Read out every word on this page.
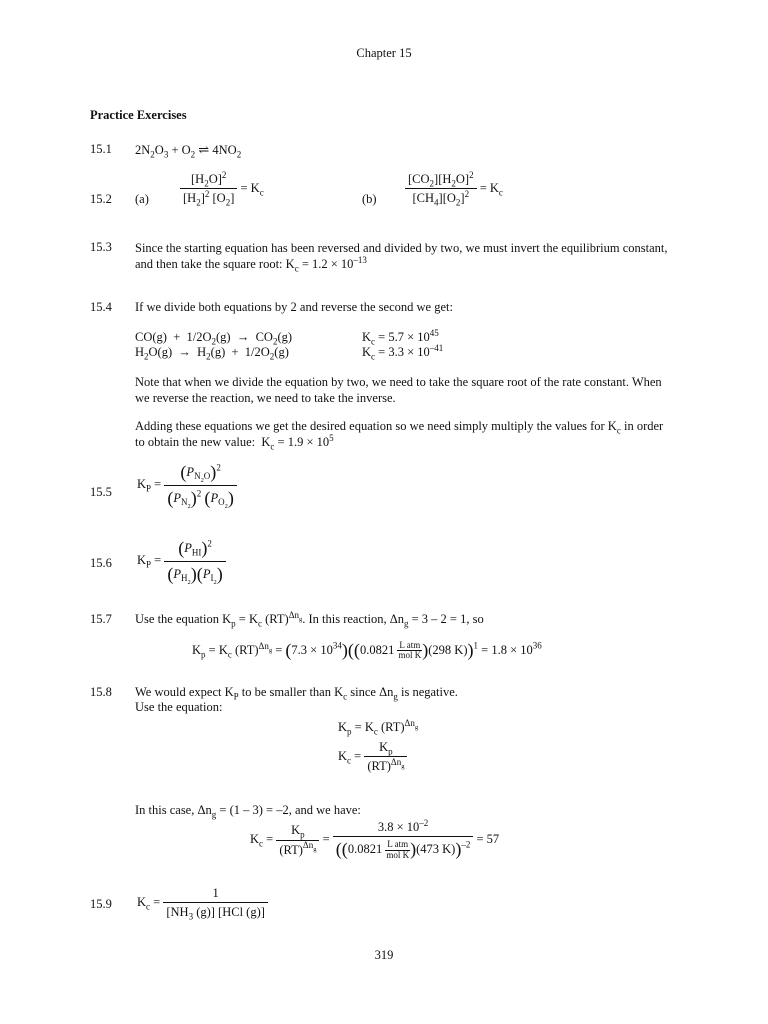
Chapter 15
Practice Exercises
15.1 $2N_2O_3 + O_2$ ⇌ $4NO_2$
15.2 $(a) \frac{[H_2O]^2}{[H_2]^2 [O_2]} = K_c$	$(b) \frac{[CO_2][H_2O]^2}{[CH_4][O_2]^2} = K_c$
15.3 Since the starting equation has been reversed and divided by two, we must invert the equilibrium constant, and then take the square root: $K_c = 1.2 \times 10^{-13}$
15.4 If we divide both equations by 2 and reverse the second we get:
$CO(g) + 1/2O_2(g) \to CO_2(g)$	$K_c = 5.7 \times 10^{45}$
$H_2O(g) \to H_2(g) + 1/2O_2(g)$	$K_c = 3.3 \times 10^{-41}$
Note that when we divide the equation by two, we need to take the square root of the rate constant. When we reverse the reaction, we need to take the inverse.
Adding these equations we get the desired equation so we need simply multiply the values for $K_c$ in order to obtain the new value:  $K_c = 1.9 \times 10^5$
15.5
$K_P = \frac{(P_{N_2O})^2}{(P_{N_2})^2 (P_{O_2})}$
15.6 $K_P = \frac{(P_{HI})^2}{(P_{H_2})(P_{I_2})}$
15.7 Use the equation $K_p = K_c$ (RT)$^{\Delta n_g}$. In this reaction, $\Delta n_g = 3 - 2 = 1$, so
$K_p = K_c$ $(RT)^{\Delta n_g} = (7.3 \times 10^{34})((0.0821$ L atm
mol K )(298 $K))^1 = 1.8 \times 10^{36}$
15.8 We would expect $K_P$ to be smaller than $K_c$ since $\Delta n_g$ is negative.
Use the equation:
$K_p = K_c$ (RT)$^{\Delta n_g}$
$K_c = \frac{K_p}{(RT)^{\Delta n_g}}$
In this case, $\Delta n_g = (1 - 3) = -2$, and we have:
$K_c = \frac{K_p}{(RT)^{\Delta n_g}} = 3.8 \times 10^{-2}$
((0.0821 L atm
mol K )(473 K))$^{-2}$ = 57
15.9 $K_c = \frac{1}{[NH_3 (g)] [HCl (g)]}$
319
